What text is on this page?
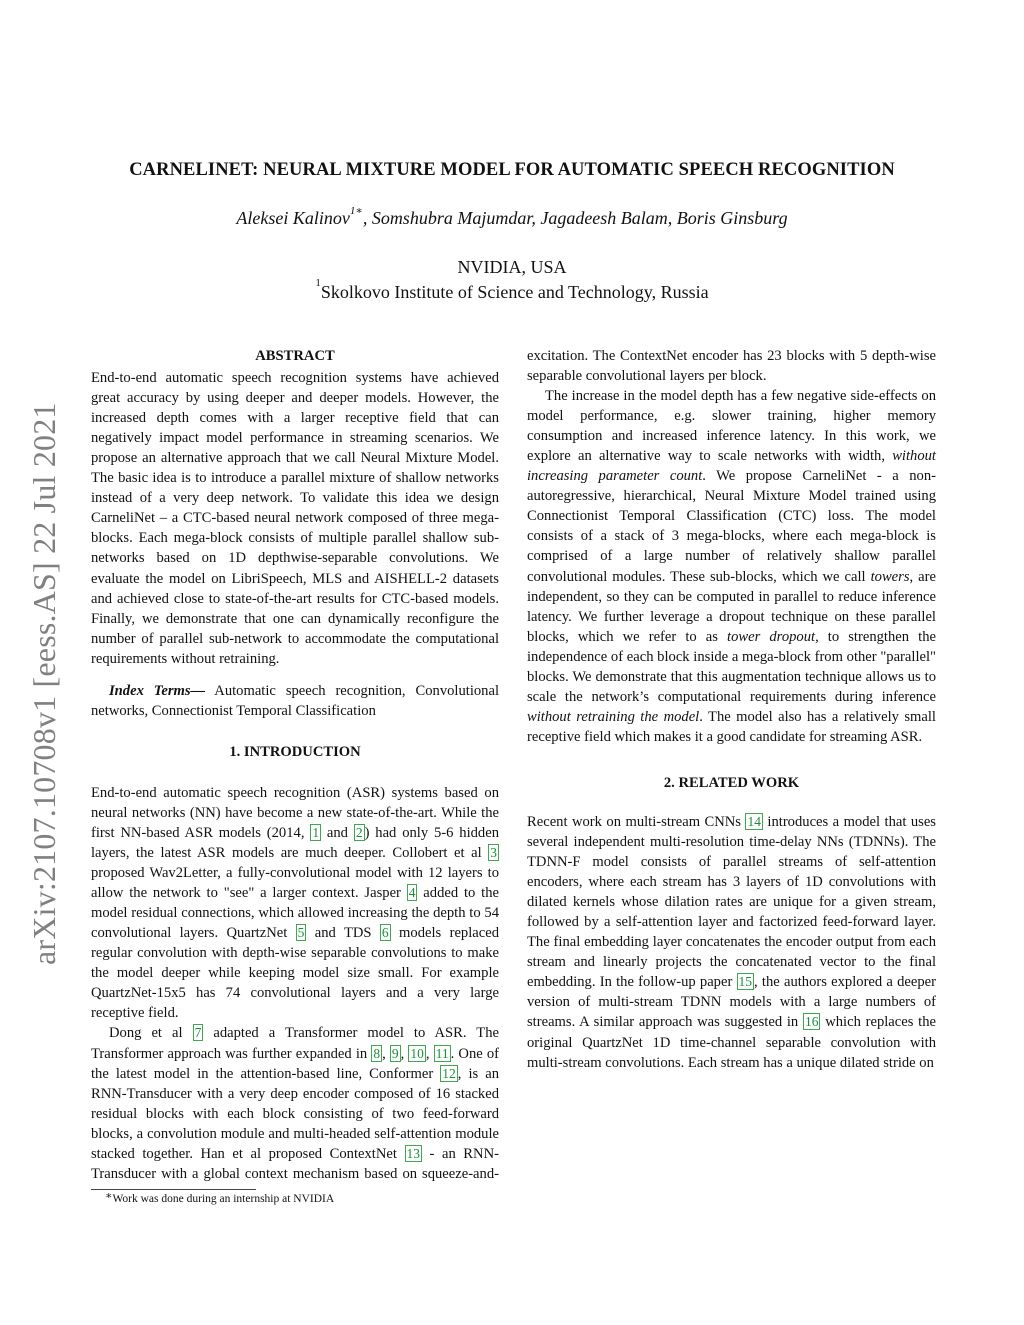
arXiv:2107.10708v1 [eess.AS] 22 Jul 2021
CARNELINET: NEURAL MIXTURE MODEL FOR AUTOMATIC SPEECH RECOGNITION
Aleksei Kalinov$^{1∗}$, Somshubra Majumdar, Jagadeesh Balam, Boris Ginsburg
NVIDIA, USA
$^1$Skolkovo Institute of Science and Technology, Russia
ABSTRACT

End-to-end automatic speech recognition systems have achieved great accuracy by using deeper and deeper models. However, the increased depth comes with a larger receptive field that can negatively impact model performance in streaming scenarios. We propose an alternative approach that we call Neural Mixture Model. The basic idea is to introduce a parallel mixture of shallow networks instead of a very deep network. To validate this idea we design CarneliNet – a CTC-based neural network composed of three mega-blocks. Each mega-block consists of multiple parallel shallow sub-networks based on 1D depthwise-separable convolutions. We evaluate the model on LibriSpeech, MLS and AISHELL-2 datasets and achieved close to state-of-the-art results for CTC-based models. Finally, we demonstrate that one can dynamically reconfigure the number of parallel sub-network to accommodate the computational requirements without retraining.

Index Terms— Automatic speech recognition, Convolutional networks, Connectionist Temporal Classification

1. INTRODUCTION

End-to-end automatic speech recognition (ASR) systems based on neural networks (NN) have become a new state-of-the-art. While the first NN-based ASR models (2014, 1 and 2 ) had only 5-6 hidden layers, the latest ASR models are much deeper. Collobert et al 3 proposed Wav2Letter, a fully-convolutional model with 12 layers to allow the network to "see" a larger context. Jasper 4 added to the model residual connections, which allowed increasing the depth to 54 convolutional layers. QuartzNet 5 and TDS 6 models replaced regular convolution with depth-wise separable convolutions to make the model deeper while keeping model size small. For example QuartzNet-15x5 has 74 convolutional layers and a very large receptive field.

Dong et al 7 adapted a Transformer model to ASR. The Transformer approach was further expanded in 8 , 9 , 10 , 11 . One of the latest model in the attention-based line, Conformer 12 , is an RNN-Transducer with a very deep encoder composed of 16 stacked residual blocks with each block consisting of two feed-forward blocks, a convolution module and multi-headed self-attention module stacked together. Han et al proposed ContextNet 13 - an RNN-Transducer with a global context mechanism based on squeeze-and-

∗Work was done during an internship at NVIDIA

excitation. The ContextNet encoder has 23 blocks with 5 depth-wise separable convolutional layers per block.

The increase in the model depth has a few negative side-effects on model performance, e.g. slower training, higher memory consumption and increased inference latency. In this work, we explore an alternative way to scale networks with width, without increasing parameter count. We propose CarneliNet - a non-autoregressive, hierarchical, Neural Mixture Model trained using Connectionist Temporal Classification (CTC) loss. The model consists of a stack of 3 mega-blocks, where each mega-block is comprised of a large number of relatively shallow parallel convolutional modules. These sub-blocks, which we call towers, are independent, so they can be computed in parallel to reduce inference latency. We further leverage a dropout technique on these parallel blocks, which we refer to as tower dropout, to strengthen the independence of each block inside a mega-block from other "parallel" blocks. We demonstrate that this augmentation technique allows us to scale the network’s computational requirements during inference without retraining the model. The model also has a relatively small receptive field which makes it a good candidate for streaming ASR.

2. RELATED WORK

Recent work on multi-stream CNNs 14 introduces a model that uses several independent multi-resolution time-delay NNs (TDNNs). The TDNN-F model consists of parallel streams of self-attention encoders, where each stream has 3 layers of 1D convolutions with dilated kernels whose dilation rates are unique for a given stream, followed by a self-attention layer and factorized feed-forward layer. The final embedding layer concatenates the encoder output from each stream and linearly projects the concatenated vector to the final embedding. In the follow-up paper 15 , the authors explored a deeper version of multi-stream TDNN models with a large numbers of streams. A similar approach was suggested in 16 which replaces the original QuartzNet 1D time-channel separable convolution with multi-stream convolutions. Each stream has a unique dilated stride on
